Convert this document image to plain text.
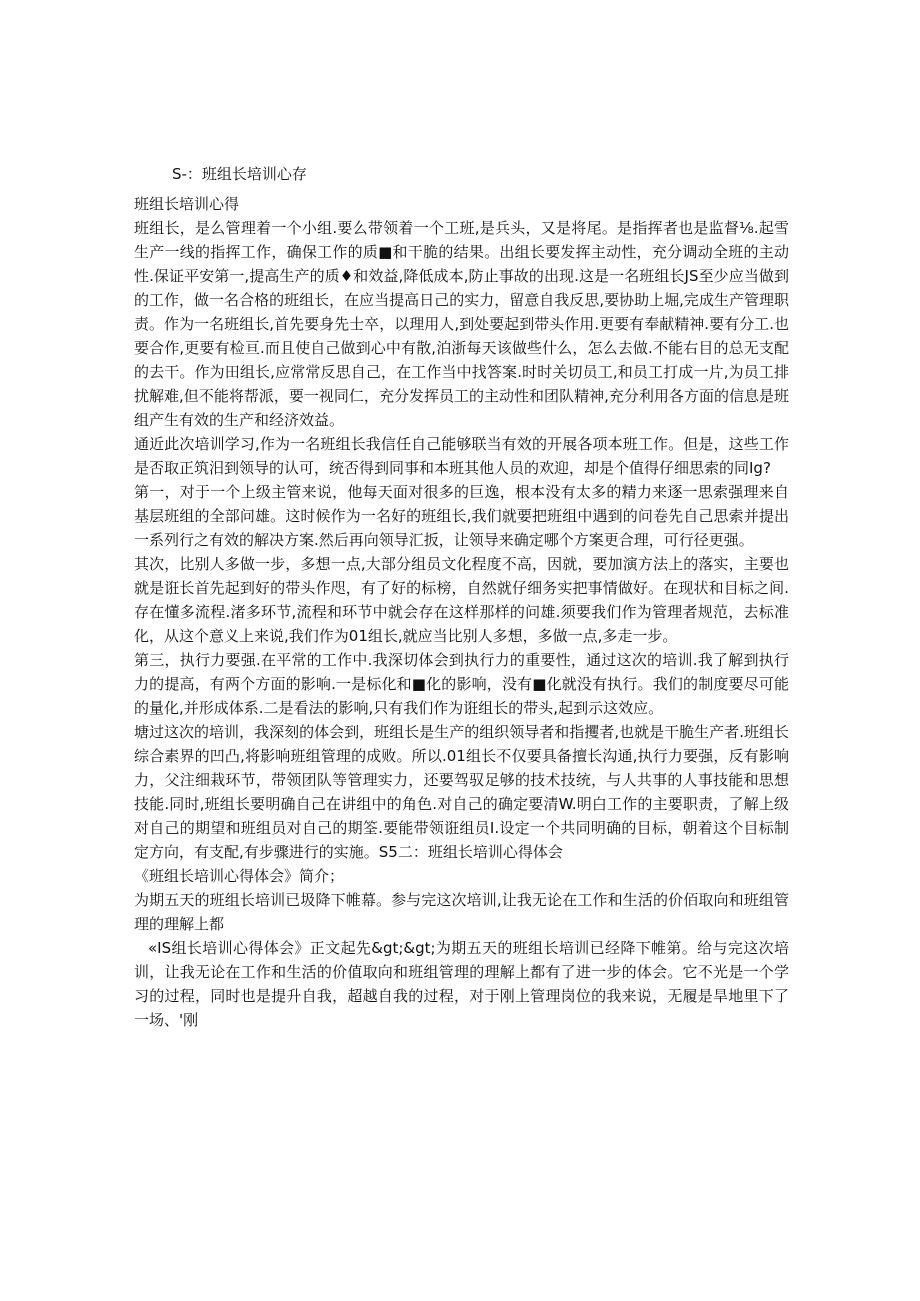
S-：班组长培训心存

班组长培训心得

班组长，是么管理着一个小组.要么带领着一个工班,是兵头，又是将尾。是指挥者也是监督⅛.起雪生产一线的指挥工作，确保工作的质■和干脆的结果。出组长要发挥主动性，充分调动全班的主动性.保证平安第一,提高生产的质♦和效益,降低成本,防止事故的出现.这是一名班组长JS至少应当做到的工作，做一名合格的班组长，在应当提高日己的实力，留意自我反思,要协助上堀,完成生产管理职责。作为一名班组长,首先要身先士卒，以理用人,到处要起到带头作用.更要有奉献精神.要有分工.也要合作,更要有检亘.而且使自己做到心中有散,泊浙每天该做些什么，怎么去做.不能右目的总无支配的去干。作为田组长,应常常反思自己，在工作当中找答案.时时关切员工,和员工打成一片,为员工排扰解难,但不能将帮派，要一视同仁，充分发挥员工的主动性和团队精神,充分利用各方面的信息是班组产生有效的生产和经济效益。

通近此次培训学习,作为一名班组长我信任自己能够联当有效的开展各项本班工作。但是，这些工作是否取正筑汨到领导的认可，统否得到同事和本班其他人员的欢迎，却是个值得仔细思索的同Ig?

第一，对于一个上级主管来说，他每天面对很多的巨逸，根本没有太多的精力来逐一思索强理来自基层班组的全部问雄。这时候作为一名好的班组长,我们就要把班组中遇到的问卷先自己思索并提出一系列行之有效的解决方案.然后再向领导汇扳，让领导来确定哪个方案更合理，可行径更强。

其次，比别人多做一步，多想一点,大部分组员文化程度不高，因就，要加演方法上的落实，主要也就是诳长首先起到好的带头作咫，有了好的标榜，自然就仔细务实把事情做好。在现状和目标之间.存在懂多流程.渚多环节,流程和环节中就会存在这样那样的问雄.须要我们作为管理者规范，去标准化，从这个意义上来说,我们作为01组长,就应当比别人多想，多做一点,多走一步。

第三，执行力要强.在平常的工作中.我深切体会到执行力的重要性，通过这次的培训.我了解到执行力的提高，有两个方面的影响.一是标化和■化的影响，没有■化就没有执行。我们的制度要尽可能的量化,并形成体系.二是看法的影响,只有我们作为诳组长的带头,起到示这效应。

塘过这次的培训，我深刻的体会到，班组长是生产的组织领导者和指攫者,也就是干脆生产者.班组长综合素界的凹凸,将影响班组管理的成败。所以.01组长不仅要具备擅长沟通,执行力要强，反有影响力，父注细栽环节，带领团队等管理实力，还要驾驭足够的技术技统，与人共事的人事技能和思想技能.同时,班组长要明确自己在讲组中的角色.对自己的确定要清W.明白工作的主要职责，了解上级对自己的期望和班组员对自己的期筌.要能带领诳组员I.设定一个共同明确的目标，朝着这个目标制定方向，有支配,有步骤进行的实施。S5二：班组长培训心得体会

《班组长培训心得体会》简介；

为期五天的班组长培训已圾降下帷幕。参与完这次培训,让我无论在工作和生活的价佰取向和班组管理的理解上都

«IS组长培训心得体会》正文起先&gt;&gt;为期五天的班组长培训已经降下帷第。给与完这次培训，让我无论在工作和生活的价值取向和班组管理的理解上都有了进一步的体会。它不光是一个学习的过程，同时也是提升自我，超越自我的过程，对于刚上管理岗位的我来说，无履是旱地里下了一场、'刚
